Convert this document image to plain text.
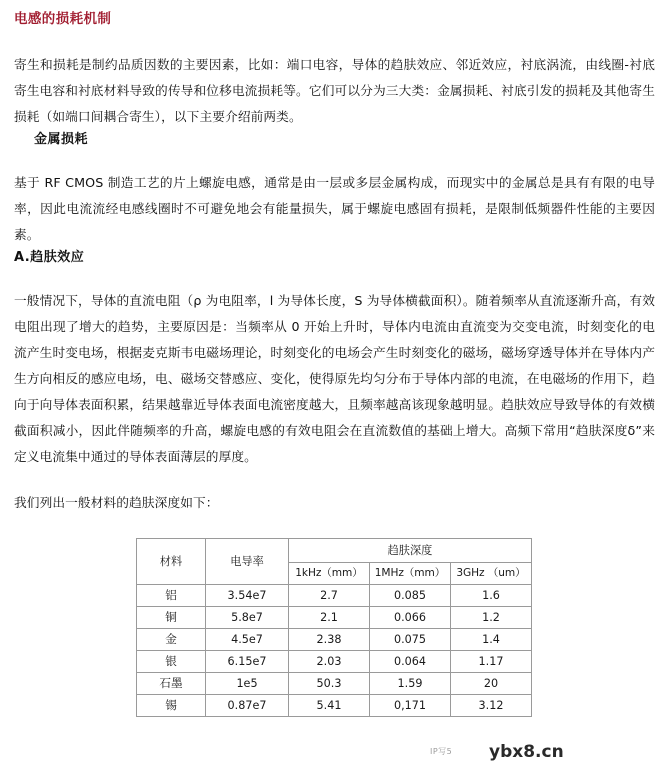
电感的损耗机制

寄生和损耗是制约品质因数的主要因素，比如：端口电容，导体的趋肤效应、邻近效应，衬底涡流，由线圈-衬底寄生电容和衬底材料导致的传导和位移电流损耗等。它们可以分为三大类：金属损耗、衬底引发的损耗及其他寄生损耗（如端口间耦合寄生），以下主要介绍前两类。

金属损耗

基于 RF CMOS 制造工艺的片上螺旋电感，通常是由一层或多层金属构成，而现实中的金属总是具有有限的电导率，因此电流流经电感线圈时不可避免地会有能量损失，属于螺旋电感固有损耗，是限制低频器件性能的主要因素。

A.趋肤效应

一般情况下，导体的直流电阻（ρ 为电阻率，l 为导体长度，S 为导体横截面积）。随着频率从直流逐渐升高，有效电阻出现了增大的趋势，主要原因是：当频率从 0 开始上升时，导体内电流由直流变为交变电流，时刻变化的电流产生时变电场，根据麦克斯韦电磁场理论，时刻变化的电场会产生时刻变化的磁场，磁场穿透导体并在导体内产生方向相反的感应电场，电、磁场交替感应、变化，使得原先均匀分布于导体内部的电流，在电磁场的作用下，趋向于向导体表面积累，结果越靠近导体表面电流密度越大，且频率越高该现象越明显。趋肤效应导致导体的有效横截面积减小，因此伴随频率的升高，螺旋电感的有效电阻会在直流数值的基础上增大。高频下常用“趋肤深度δ”来定义电流集中通过的导体表面薄层的厚度。

我们列出一般材料的趋肤深度如下：

材料	电导率	趋肤深度		
		1kHz（mm）	1MHz（mm）	3GHz （um）
铝	3.54e7	2.7	0.085	1.6
铜	5.8e7	2.1	0.066	1.2
金	4.5e7	2.38	0.075	1.4
银	6.15e7	2.03	0.064	1.17
石墨	1e5	50.3	1.59	20
锡	0.87e7	5.41	0,171	3.12
IP写5 ybx8.cn
